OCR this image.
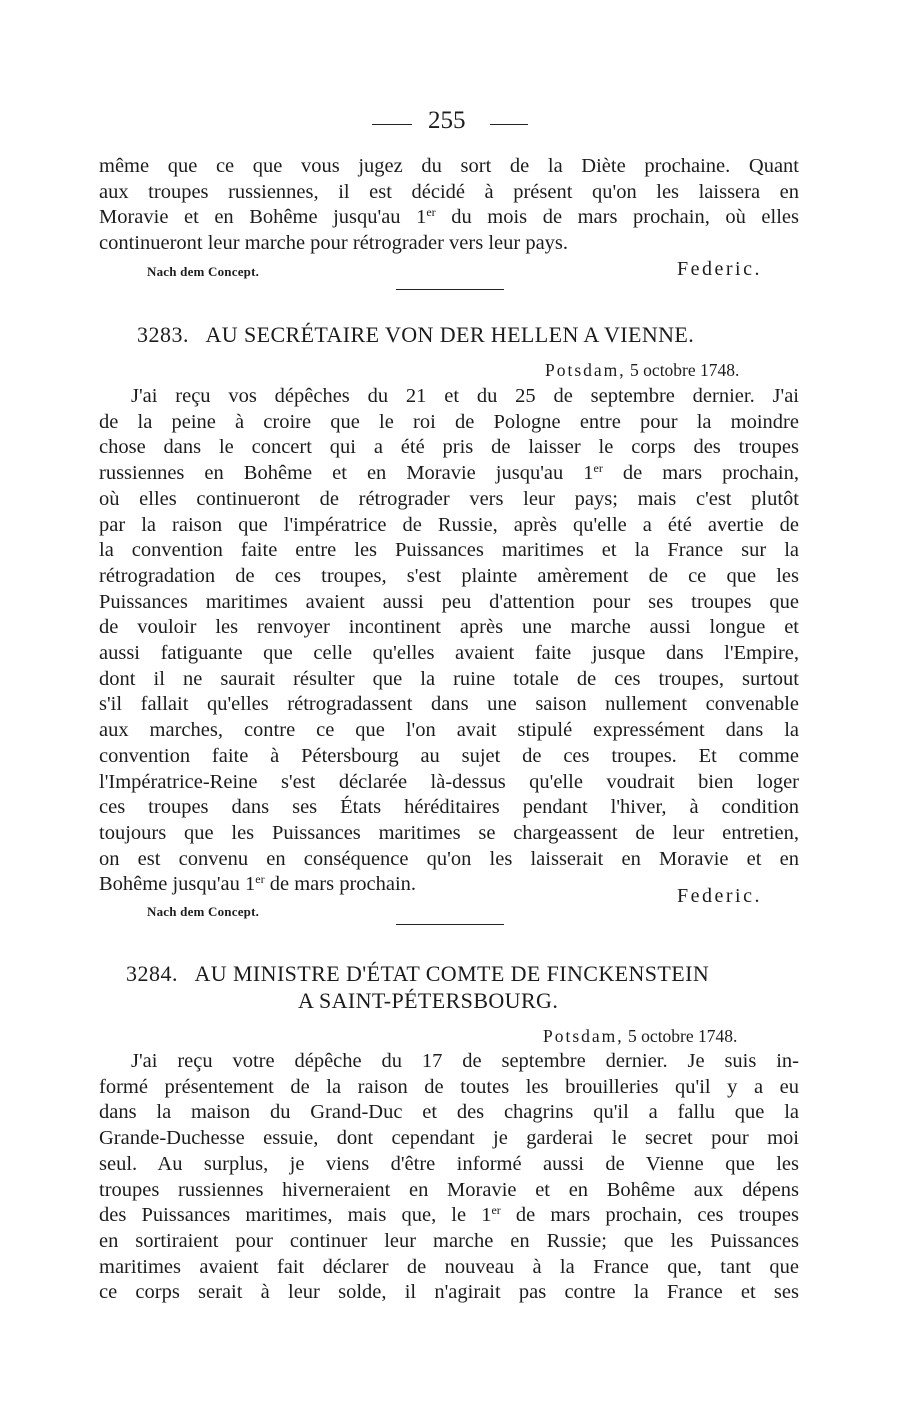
255
même que ce que vous jugez du sort de la Diète prochaine. Quant
aux troupes russiennes, il est décidé à présent qu'on les laissera en
Moravie et en Bohême jusqu'au 1er du mois de mars prochain, où elles
continueront leur marche pour rétrograder vers leur pays.
Nach dem Concept.	Federic.
3283. AU SECRÉTAIRE VON DER HELLEN A VIENNE.
Potsdam, 5 octobre 1748.
J'ai reçu vos dépêches du 21 et du 25 de septembre dernier. J'ai
de la peine à croire que le roi de Pologne entre pour la moindre
chose dans le concert qui a été pris de laisser le corps des troupes
russiennes en Bohême et en Moravie jusqu'au 1er de mars prochain,
où elles continueront de rétrograder vers leur pays; mais c'est plutôt
par la raison que l'impératrice de Russie, après qu'elle a été avertie de
la convention faite entre les Puissances maritimes et la France sur la
rétrogradation de ces troupes, s'est plainte amèrement de ce que les
Puissances maritimes avaient aussi peu d'attention pour ses troupes que
de vouloir les renvoyer incontinent après une marche aussi longue et
aussi fatiguante que celle qu'elles avaient faite jusque dans l'Empire,
dont il ne saurait résulter que la ruine totale de ces troupes, surtout
s'il fallait qu'elles rétrogradassent dans une saison nullement convenable
aux marches, contre ce que l'on avait stipulé expressément dans la
convention faite à Pétersbourg au sujet de ces troupes. Et comme
l'Impératrice-Reine s'est déclarée là-dessus qu'elle voudrait bien loger
ces troupes dans ses États héréditaires pendant l'hiver, à condition
toujours que les Puissances maritimes se chargeassent de leur entretien,
on est convenu en conséquence qu'on les laisserait en Moravie et en
Bohême jusqu'au 1er de mars prochain.
Federic.
Nach dem Concept.
3284. AU MINISTRE D'ÉTAT COMTE DE FINCKENSTEIN
A SAINT-PÉTERSBOURG.
Potsdam, 5 octobre 1748.
J'ai reçu votre dépêche du 17 de septembre dernier. Je suis in-
formé présentement de la raison de toutes les brouilleries qu'il y a eu
dans la maison du Grand-Duc et des chagrins qu'il a fallu que la
Grande-Duchesse essuie, dont cependant je garderai le secret pour moi
seul. Au surplus, je viens d'être informé aussi de Vienne que les
troupes russiennes hiverneraient en Moravie et en Bohême aux dépens
des Puissances maritimes, mais que, le 1er de mars prochain, ces troupes
en sortiraient pour continuer leur marche en Russie; que les Puissances
maritimes avaient fait déclarer de nouveau à la France que, tant que
ce corps serait à leur solde, il n'agirait pas contre la France et ses
